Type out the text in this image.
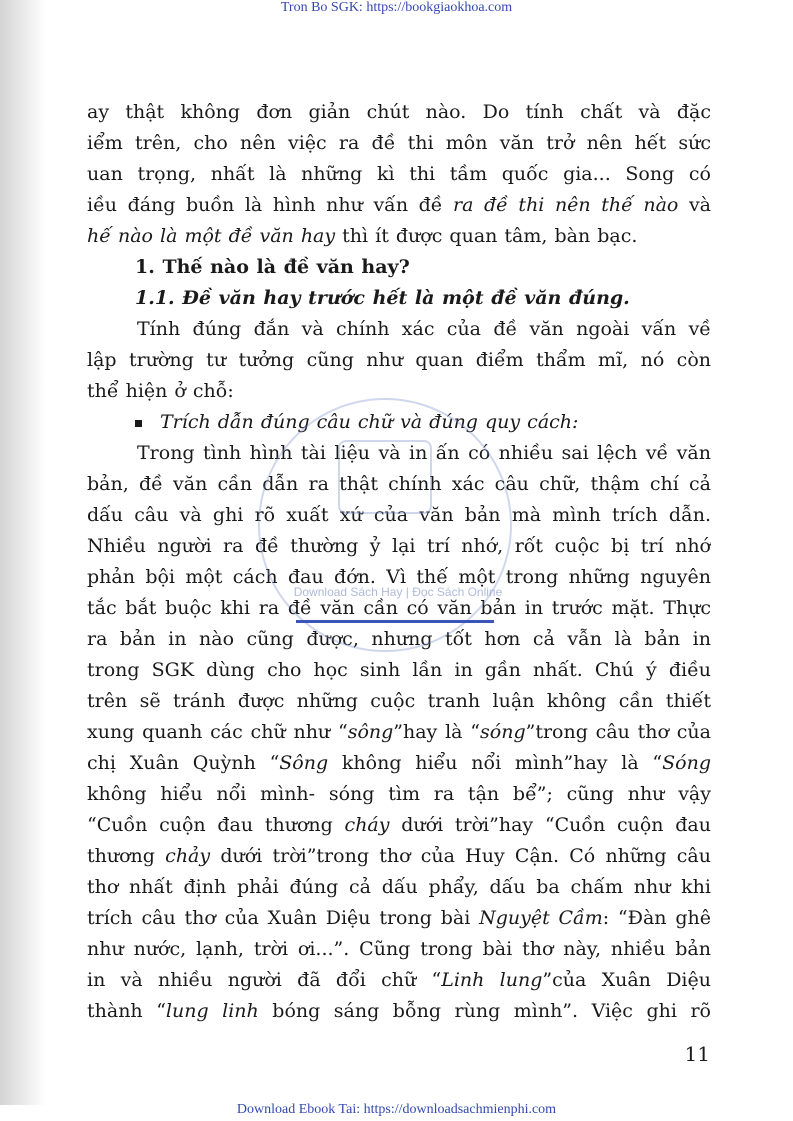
Tron Bo SGK: https://bookgiaokhoa.com
ay thật không đơn giản chút nào. Do tính chất và đặc
iểm trên, cho nên việc ra đề thi môn văn trở nên hết sức
uan trọng, nhất là những kì thi tầm quốc gia... Song có
iều đáng buồn là hình như vấn đề ra đề thi nên thế nào và
hế nào là một đề văn hay thì ít được quan tâm, bàn bạc.
1. Thế nào là đề văn hay?
1.1. Đề văn hay trước hết là một đề văn đúng.
Tính đúng đắn và chính xác của đề văn ngoài vấn về
lập trường tư tưởng cũng như quan điểm thẩm mĩ, nó còn
thể hiện ở chỗ:
Trích dẫn đúng câu chữ và đúng quy cách:
Trong tình hình tài liệu và in ấn có nhiều sai lệch về văn
bản, đề văn cần dẫn ra thật chính xác câu chữ, thậm chí cả
dấu câu và ghi rõ xuất xứ của văn bản mà mình trích dẫn.
Nhiều người ra đề thường ỷ lại trí nhớ, rốt cuộc bị trí nhớ
phản bội một cách đau đớn. Vì thế một trong những nguyên
tắc bắt buộc khi ra đề văn cần có văn bản in trước mặt. Thực
ra bản in nào cũng được, nhưng tốt hơn cả vẫn là bản in
trong SGK dùng cho học sinh lần in gần nhất. Chú ý điều
trên sẽ tránh được những cuộc tranh luận không cần thiết
xung quanh các chữ như “sông”hay là “sóng”trong câu thơ của
chị Xuân Quỳnh “Sông không hiểu nổi mình”hay là “Sóng
không hiểu nổi mình- sóng tìm ra tận bể”; cũng như vậy
“Cuồn cuộn đau thương cháy dưới trời”hay “Cuồn cuộn đau
thương chảy dưới trời”trong thơ của Huy Cận. Có những câu
thơ nhất định phải đúng cả dấu phẩy, dấu ba chấm như khi
trích câu thơ của Xuân Diệu trong bài Nguyệt Cầm: “Đàn ghê
như nước, lạnh, trời ơi...”. Cũng trong bài thơ này, nhiều bản
in và nhiều người đã đổi chữ “Linh lung”của Xuân Diệu
thành “lung linh bóng sáng bỗng rùng mình”. Việc ghi rõ
Download Sách Hay | Đọc Sách Online
11
Download Ebook Tai: https://downloadsachmienphi.com
